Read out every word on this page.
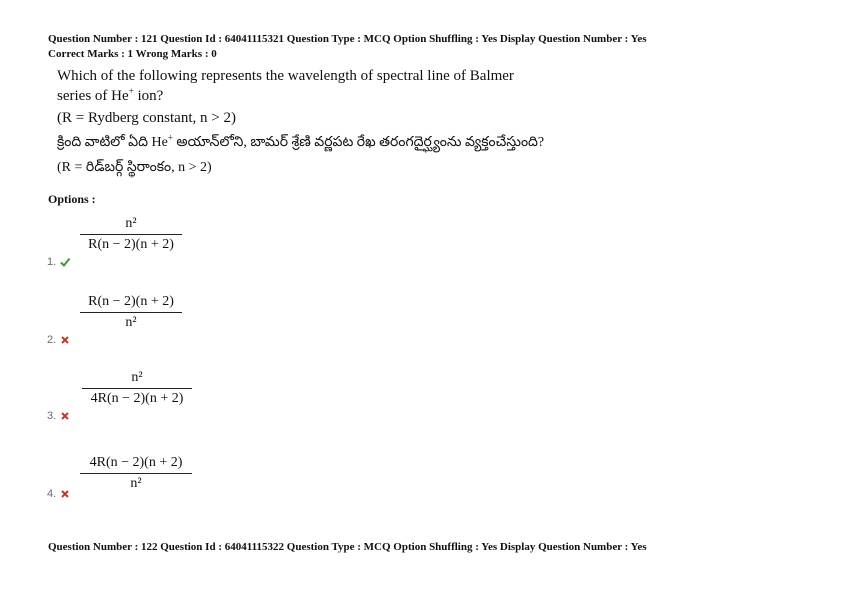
Question Number : 121 Question Id : 64041115321 Question Type : MCQ Option Shuffling : Yes Display Question Number : Yes
Correct Marks : 1 Wrong Marks : 0
Which of the following represents the wavelength of spectral line of Balmer
series of He+ ion?
(R = Rydberg constant, n > 2)
క్రింది వాటిలో ఏది He+ అయాన్‌లోని, బామర్ శ్రేణి వర్ణపట రేఖ తరంగదైర్ఘ్యంను వ్యక్తంచేస్తుంది?
(R = రిడ్‌బర్గ్ స్థిరాంకం, n > 2)
Options :
n²
R(n − 2)(n + 2)
1.
R(n − 2)(n + 2)
n²
2.
n²
4R(n − 2)(n + 2)
3.
4R(n − 2)(n + 2)
n²
4.
Question Number : 122 Question Id : 64041115322 Question Type : MCQ Option Shuffling : Yes Display Question Number : Yes
